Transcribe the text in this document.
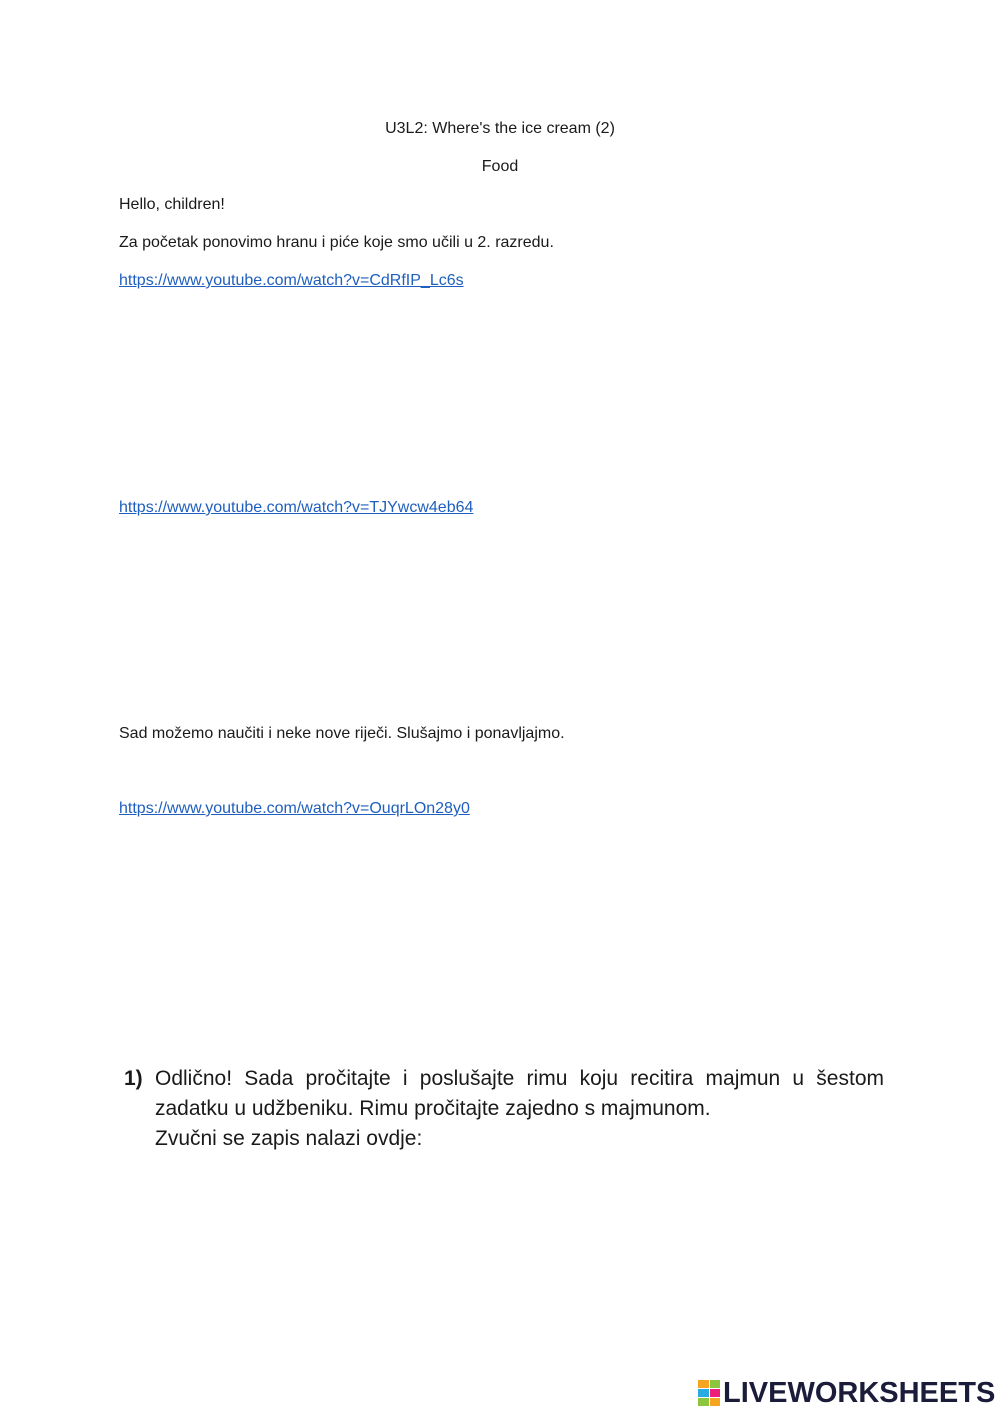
U3L2: Where's the ice cream (2)
Food
Hello, children!
Za početak ponovimo hranu i piće koje smo učili u 2. razredu.
https://www.youtube.com/watch?v=CdRfIP_Lc6s
https://www.youtube.com/watch?v=TJYwcw4eb64
Sad možemo naučiti i neke nove riječi. Slušajmo i ponavljajmo.
https://www.youtube.com/watch?v=OuqrLOn28y0
1) Odlično! Sada pročitajte i poslušajte rimu koju recitira majmun u šestom
zadatku u udžbeniku. Rimu pročitajte zajedno s majmunom.
Zvučni se zapis nalazi ovdje:
LIVEWORKSHEETS
